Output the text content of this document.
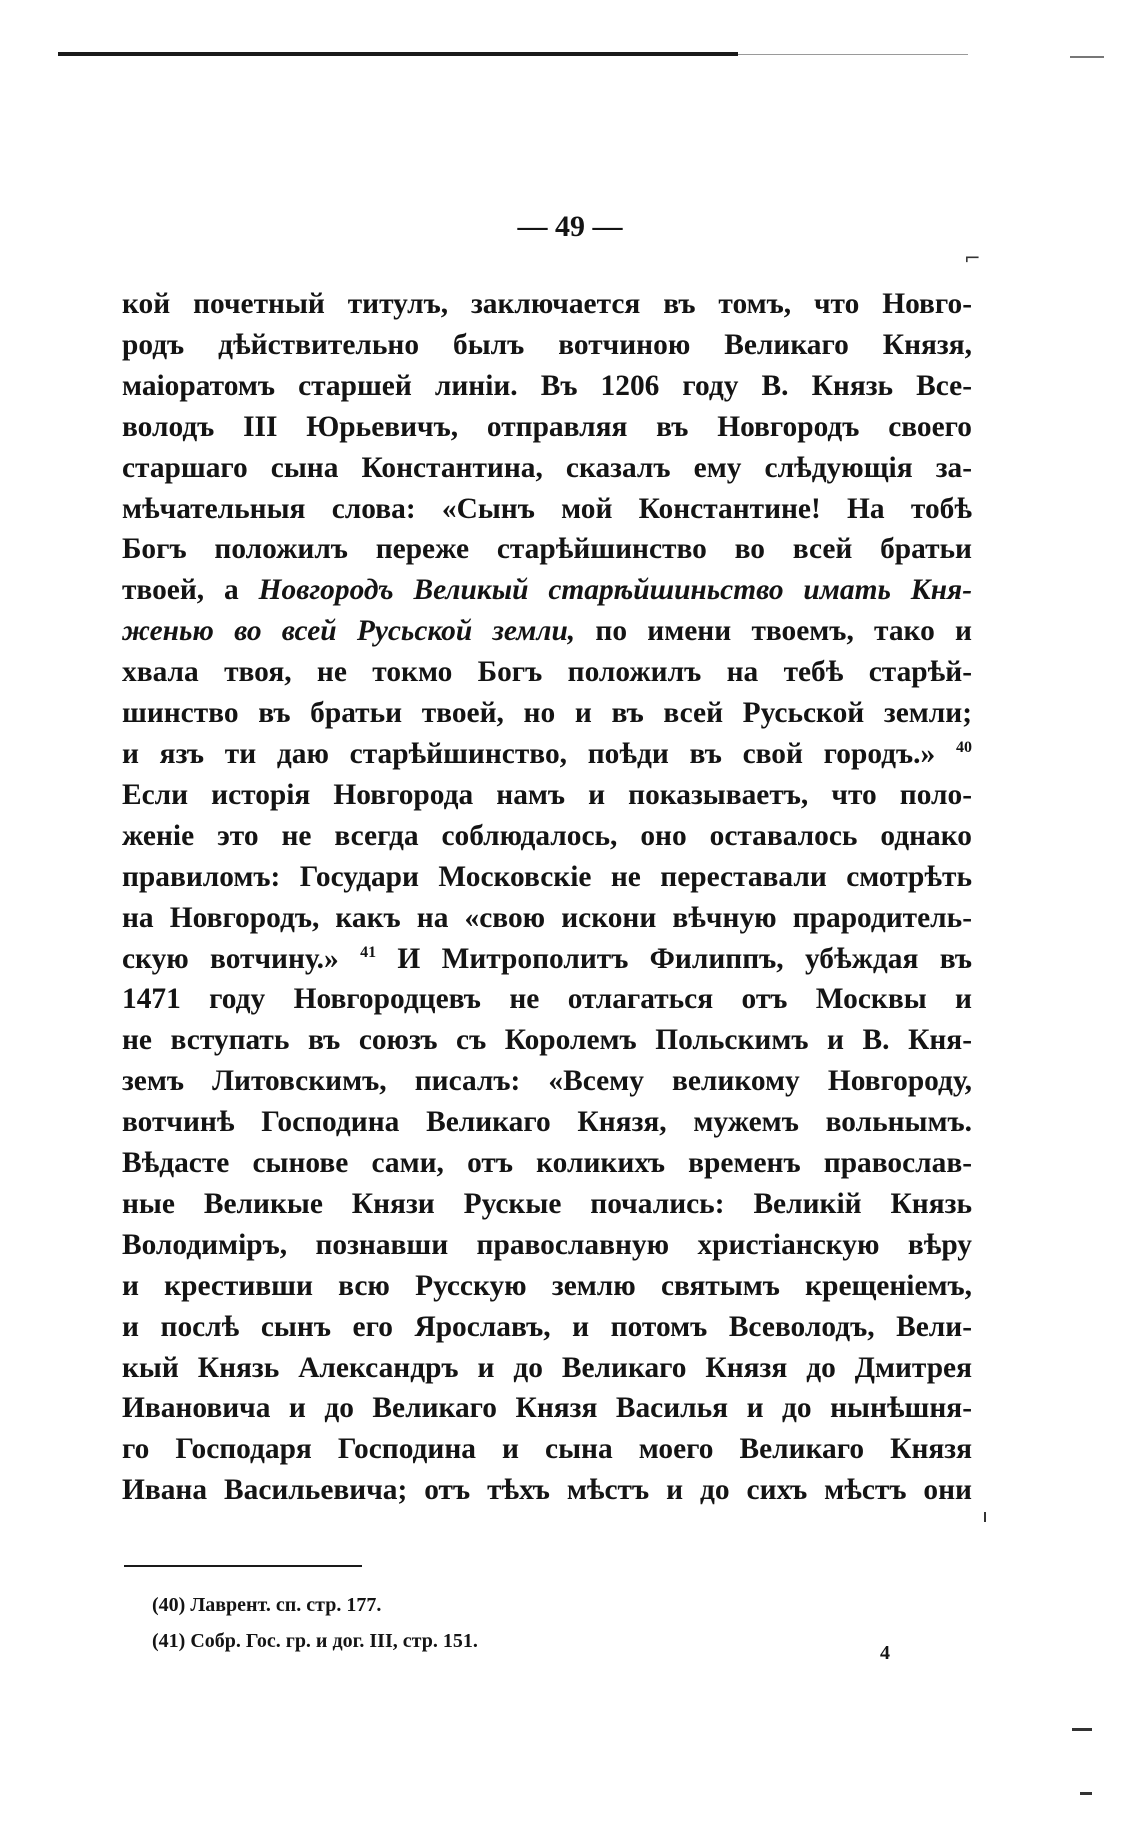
— 49 —
⌐
кой почетный титулъ, заключается въ томъ, что Новго-
родъ дѣйствительно былъ вотчиною Великаго Князя,
маіоратомъ старшей линіи. Въ 1206 году В. Князь Все-
володъ III Юрьевичъ, отправляя въ Новгородъ своего
старшаго сына Константина, сказалъ ему слѣдующія за-
мѣчательныя слова: «Сынъ мой Константине! На тобѣ
Богъ положилъ переже старѣйшинство во всей братьи
твоей, а Новгородъ Великый старѣйшиньство имать Кня-
женью во всей Русьской земли, по имени твоемъ, тако и
хвала твоя, не токмо Богъ положилъ на тебѣ старѣй-
шинство въ братьи твоей, но и въ всей Русьской земли;
и язъ ти даю старѣйшинство, поѣди въ свой городъ.» $^{40}$
Если исторія Новгорода намъ и показываетъ, что поло-
женіе это не всегда соблюдалось, оно оставалось однако
правиломъ: Государи Московскіе не переставали смотрѣть
на Новгородъ, какъ на «свою искони вѣчную прародитель-
скую вотчину.» $^{41}$ И Митрополитъ Филиппъ, убѣждая въ
1471 году Новгородцевъ не отлагаться отъ Москвы и
не вступать въ союзъ съ Королемъ Польскимъ и В. Кня-
земъ Литовскимъ, писалъ: «Всему великому Новгороду,
вотчинѣ Господина Великаго Князя, мужемъ вольнымъ.
Вѣдасте сынове сами, отъ коликихъ временъ православ-
ные Великые Князи Рускые почались: Великій Князь
Володиміръ, познавши православную христіанскую вѣру
и крестивши всю Русскую землю святымъ крещеніемъ,
и послѣ сынъ его Ярославъ, и потомъ Всеволодъ, Вели-
кый Князь Александръ и до Великаго Князя до Дмитрея
Ивановича и до Великаго Князя Василья и до нынѣшня-
го Господаря Господина и сына моего Великаго Князя
Ивана Васильевича; отъ тѣхъ мѣстъ и до сихъ мѣстъ они
(40) Лаврент. сп. стр. 177.
(41) Собр. Гос. гр. и дог. III, стр. 151.
4
